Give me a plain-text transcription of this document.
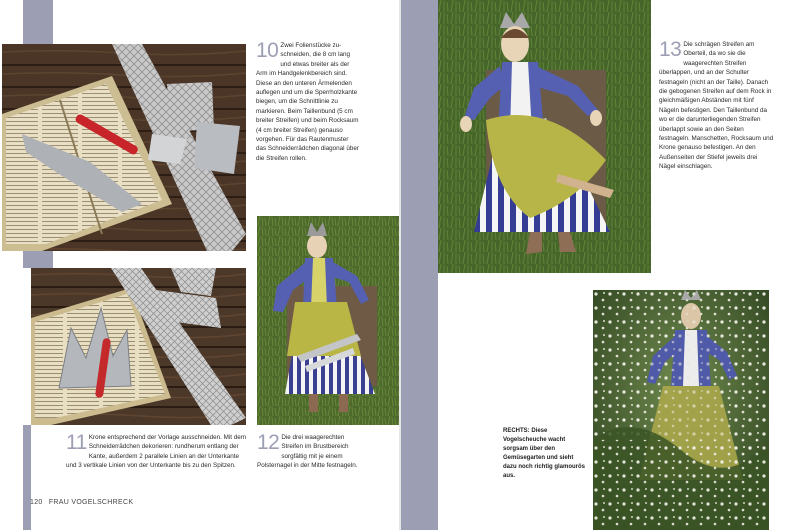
10 Zwei Folienstücke zuschneiden, die 8 cm lang und etwas breiter als der Arm im Handgelenkbereich sind. Diese an den unteren Ärmelenden auflegen und um die Sperrholzkante biegen, um die Schnittlinie zu markieren. Beim Taillenbund (5 cm breiter Streifen) und beim Rocksaum (4 cm breiter Streifen) genauso vorgehen. Für das Rautenmuster das Schneiderrädchen diagonal über die Streifen rollen.
11 Krone entsprechend der Vorlage ausschneiden. Mit dem Schneiderrädchen dekorieren: rundherum entlang der Kante, außerdem 2 parallele Linien an der Unterkante und 3 vertikale Linien von der Unterkante bis zu den Spitzen.
12 Die drei waagerechten Streifen im Brustbereich sorgfältig mit je einem Polsternagel in der Mitte festnageln.
120 FRAU VOGELSCHRECK
13 Die schrägen Streifen am Oberteil, da wo sie die waagerechten Streifen überlappen, und an der Schulter festnageln (nicht an der Taille). Danach die gebogenen Streifen auf dem Rock in gleichmäßigen Abständen mit fünf Nägeln befestigen. Den Taillenbund da wo er die darunterliegenden Streifen überlappt sowie an den Seiten festnageln. Manschetten, Rocksaum und Krone genauso befestigen. An den Außenseiten der Stiefel jeweils drei Nägel einschlagen.
RECHTS: Diese Vogelscheuche wacht sorgsam über den Gemüsegarten und sieht dazu noch richtig glamourös aus.
